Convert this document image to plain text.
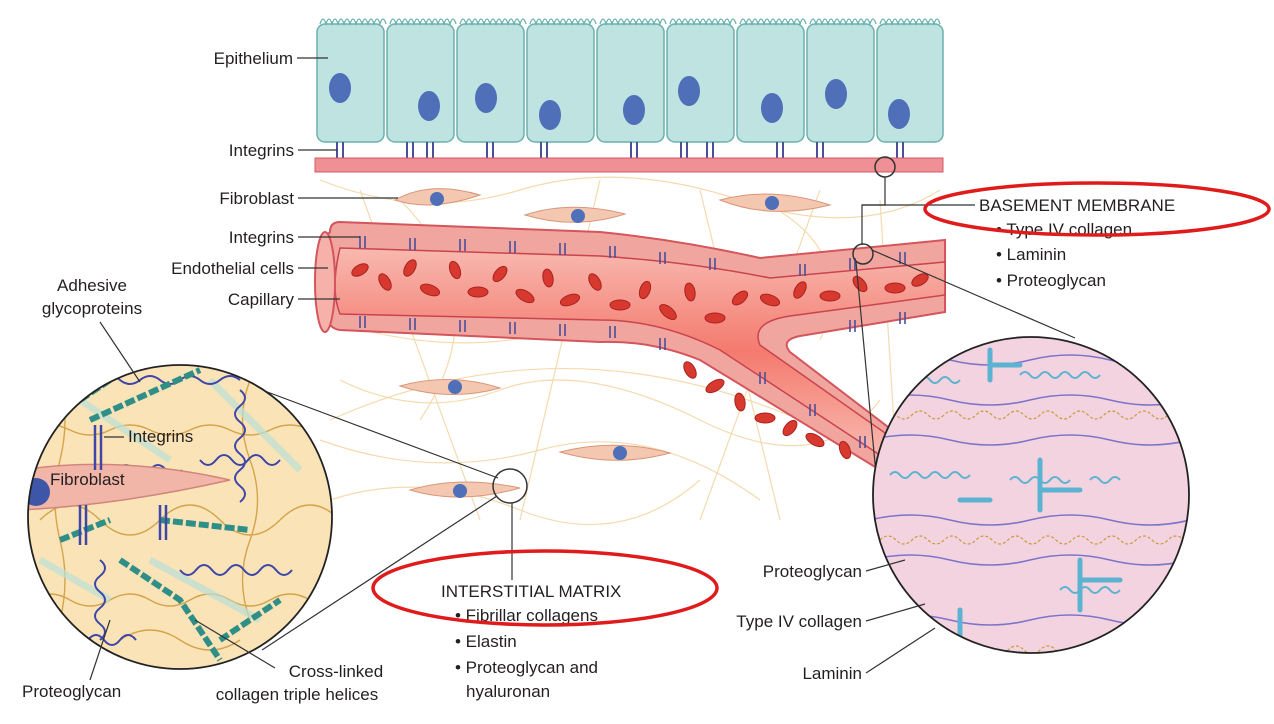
Epithelium
Integrins
Fibroblast
Integrins
Endothelial cells
Capillary
Adhesive
glycoproteins
Integrins
Fibroblast
Proteoglycan
Cross-linked
collagen triple helices
Proteoglycan
Type IV collagen
Laminin
BASEMENT MEMBRANE
• Type IV collagen
• Laminin
• Proteoglycan
INTERSTITIAL MATRIX
• Fibrillar collagens
• Elastin
• Proteoglycan and
hyaluronan
